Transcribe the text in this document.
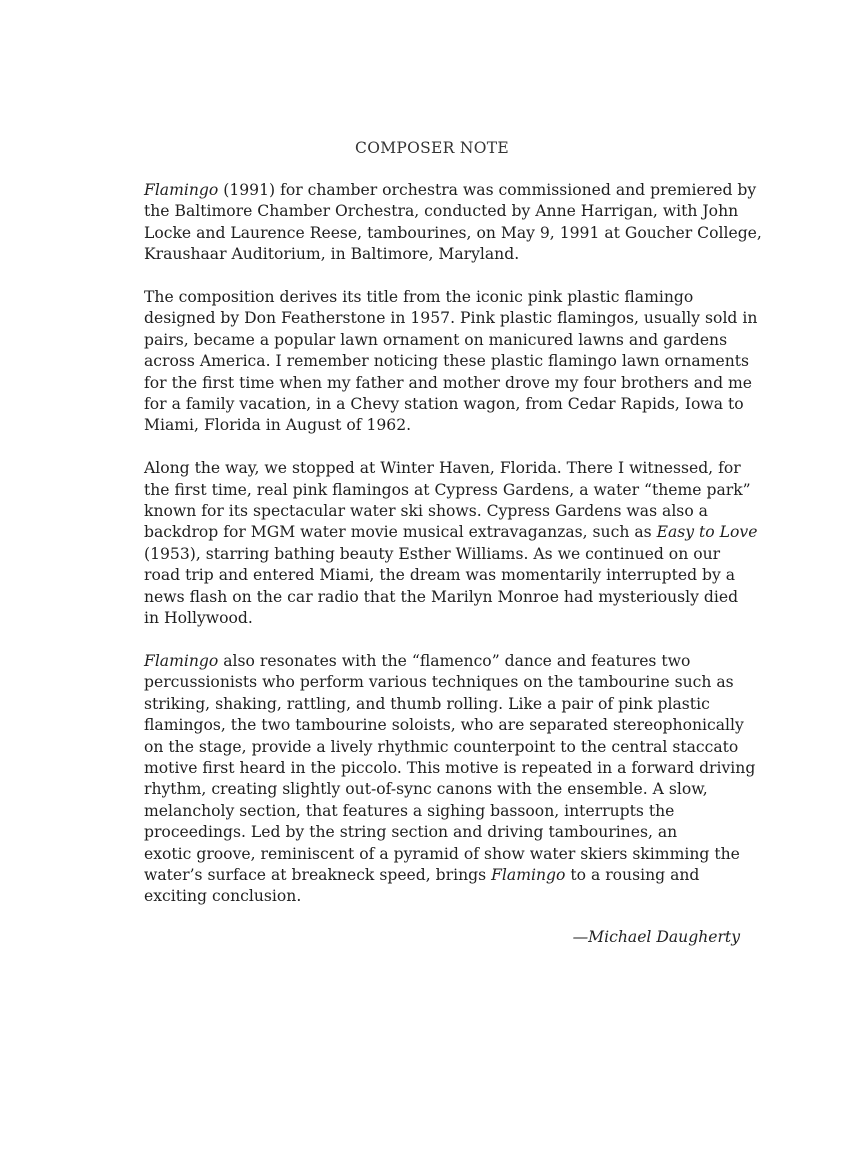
COMPOSER NOTE

Flamingo (1991) for chamber orchestra was commissioned and premiered by
the Baltimore Chamber Orchestra, conducted by Anne Harrigan, with John
Locke and Laurence Reese, tambourines, on May 9, 1991 at Goucher College,
Kraushaar Auditorium, in Baltimore, Maryland.

The composition derives its title from the iconic pink plastic flamingo
designed by Don Featherstone in 1957. Pink plastic flamingos, usually sold in
pairs, became a popular lawn ornament on manicured lawns and gardens
across America. I remember noticing these plastic flamingo lawn ornaments
for the first time when my father and mother drove my four brothers and me
for a family vacation, in a Chevy station wagon, from Cedar Rapids, Iowa to
Miami, Florida in August of 1962.

Along the way, we stopped at Winter Haven, Florida. There I witnessed, for
the first time, real pink flamingos at Cypress Gardens, a water “theme park”
known for its spectacular water ski shows. Cypress Gardens was also a
backdrop for MGM water movie musical extravaganzas, such as Easy to Love
(1953), starring bathing beauty Esther Williams. As we continued on our
road trip and entered Miami, the dream was momentarily interrupted by a
news flash on the car radio that the Marilyn Monroe had mysteriously died
in Hollywood.

Flamingo also resonates with the “flamenco” dance and features two
percussionists who perform various techniques on the tambourine such as
striking, shaking, rattling, and thumb rolling. Like a pair of pink plastic
flamingos, the two tambourine soloists, who are separated stereophonically
on the stage, provide a lively rhythmic counterpoint to the central staccato
motive first heard in the piccolo. This motive is repeated in a forward driving
rhythm, creating slightly out-of-sync canons with the ensemble. A slow,
melancholy section, that features a sighing bassoon, interrupts the
proceedings. Led by the string section and driving tambourines, an
exotic groove, reminiscent of a pyramid of show water skiers skimming the
water’s surface at breakneck speed, brings Flamingo to a rousing and
exciting conclusion.

—Michael Daugherty
